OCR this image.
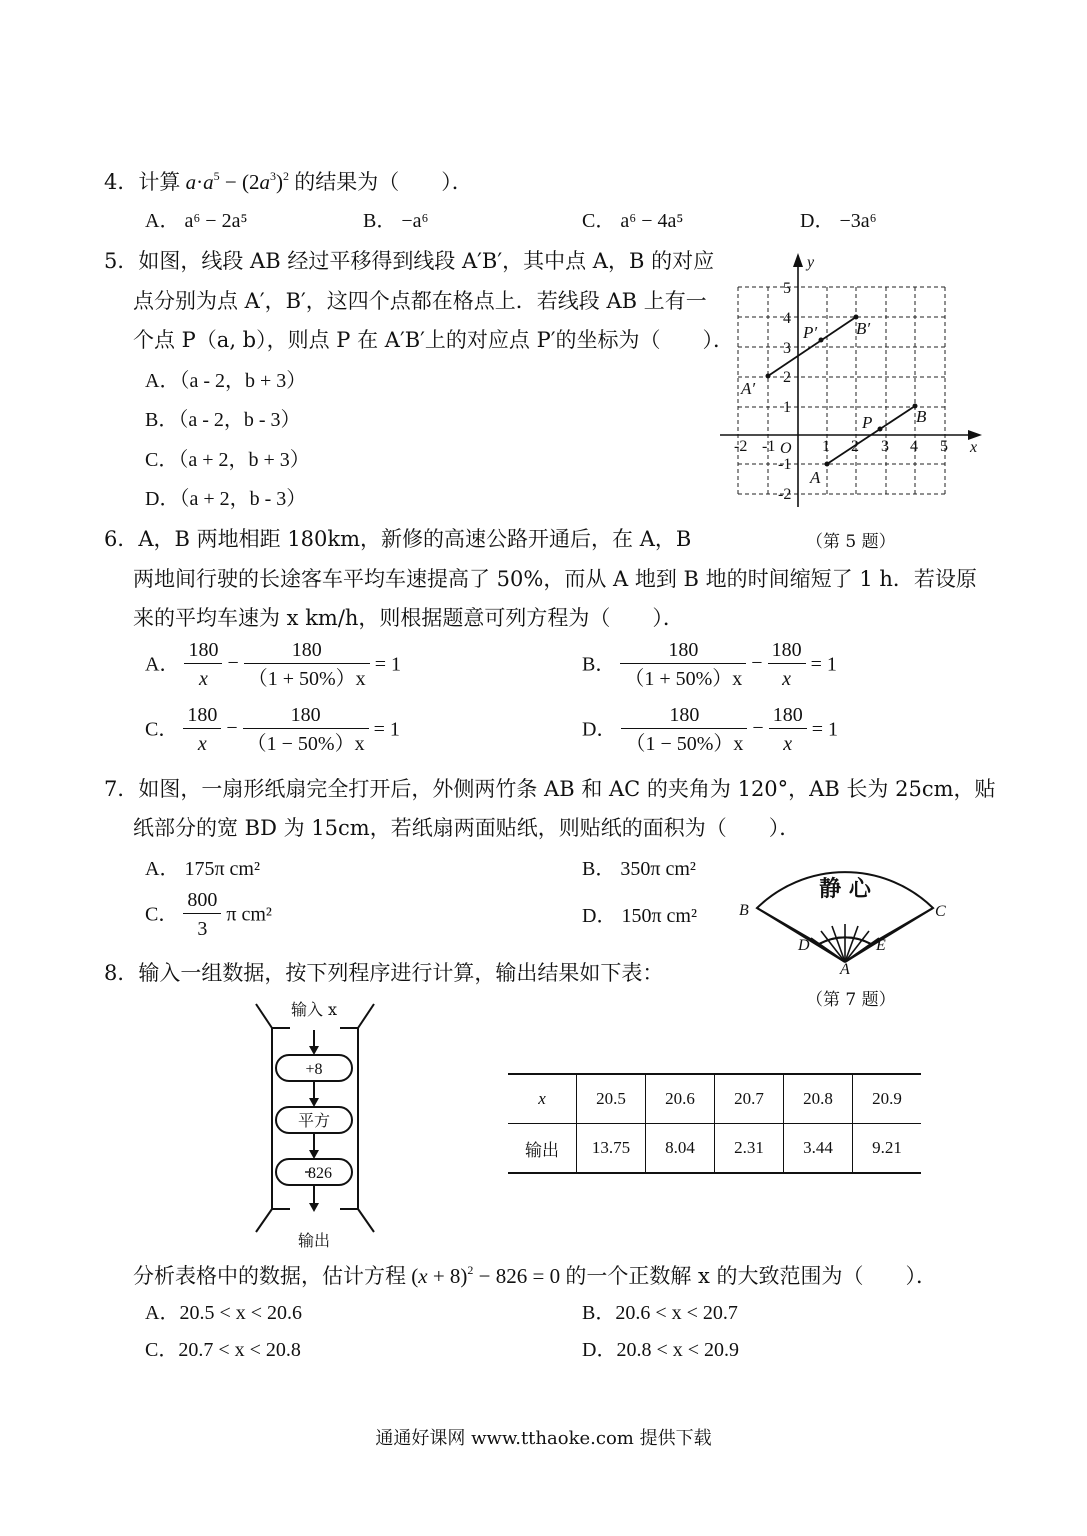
4．计算 $a\cdot a^5 - (2a^3)^2$ 的结果为（　　）．
A． a⁶ − 2a⁵	B． −a⁶	C． a⁶ − 4a⁵	D． −3a⁶
5．如图，线段 AB 经过平移得到线段 A′B′，其中点 A，B 的对应
点分别为点 A′，B′，这四个点都在格点上．若线段 AB 上有一
个点 P（a, b），则点 P 在 A′B′上的对应点 P′的坐标为（　　）．
A．（a - 2，b + 3）
B．（a - 2，b - 3）
C．（a + 2，b + 3）
D．（a + 2，b - 3）
y
x
O
-2 -1	1 2 3 4 5
5
4
3
2
1
-1
-2
A′
B′
P′
A
B
P
（第 5 题）
6．A，B 两地相距 180km，新修的高速公路开通后，在 A，B
两地间行驶的长途客车平均车速提高了 50%，而从 A 地到 B 地的时间缩短了 1 h．若设原
来的平均车速为 x km/h，则根据题意可列方程为（　　）．
A． $\frac{180}{x} - \frac{180}{(1 + 50\%)x} = 1$	B． $\frac{180}{(1 + 50\%)x} - \frac{180}{x} = 1$
C． $\frac{180}{x} - \frac{180}{(1 - 50\%)x} = 1$	D． $\frac{180}{(1 - 50\%)x} - \frac{180}{x} = 1$
7．如图，一扇形纸扇完全打开后，外侧两竹条 AB 和 AC 的夹角为 120°，AB 长为 25cm，贴
纸部分的宽 BD 为 15cm，若纸扇两面贴纸，则贴纸的面积为（　　）．
A． 175π cm²	B． 350π cm²
C． $\frac{800}{3}$ π cm²	D． 150π cm²
静 心
B	C
D	E
A
（第 7 题）
8．输入一组数据，按下列程序进行计算，输出结果如下表：
输入 x
+8
平方
826
输出
x	20.5	20.6	20.7	20.8	20.9
输出	13.75	8.04	2.31	3.44	9.21
分析表格中的数据，估计方程 $(x + 8)^2 - 826 = 0$ 的一个正数解 x 的大致范围为（　　）．
A．20.5 < x < 20.6	B．20.6 < x < 20.7
C．20.7 < x < 20.8	D．20.8 < x < 20.9
通通好课网 www.tthaoke.com 提供下载
